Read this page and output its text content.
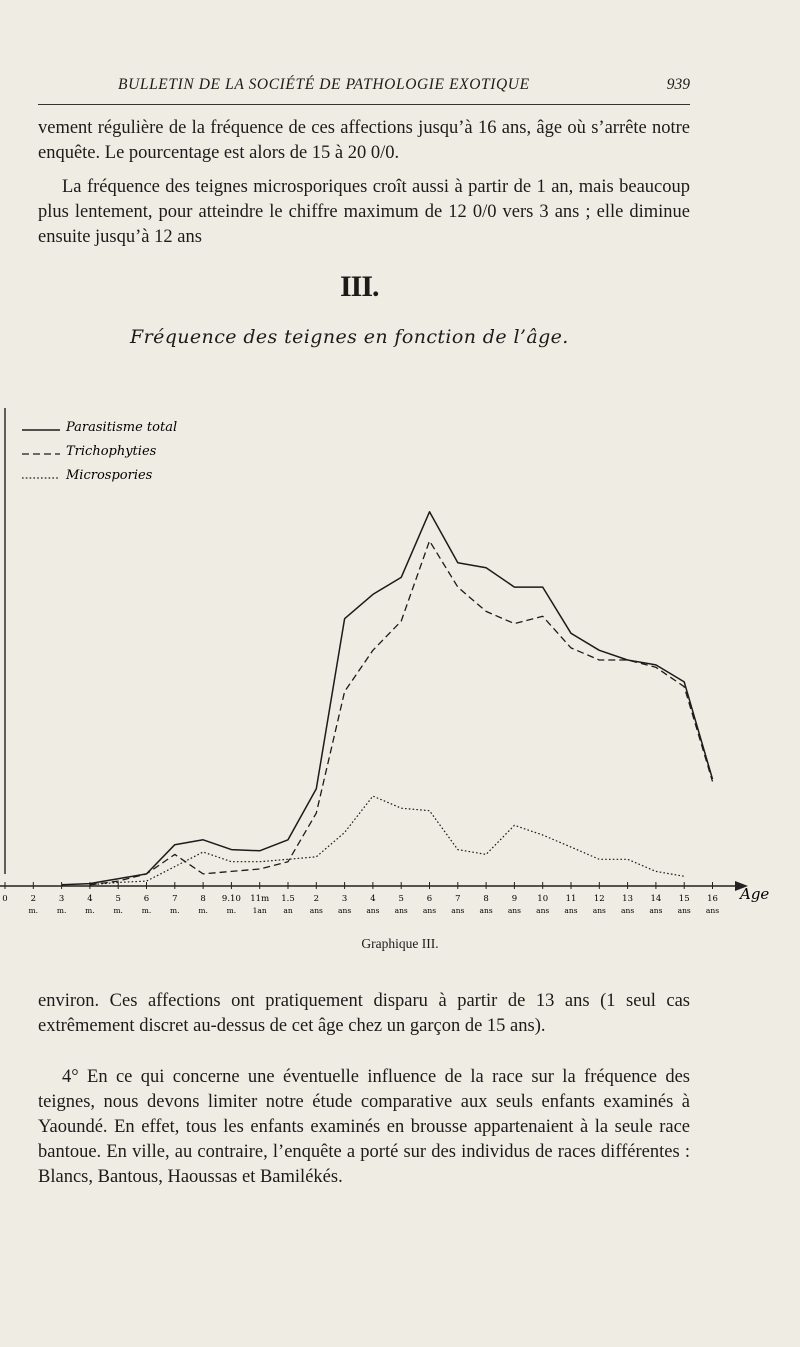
BULLETIN DE LA SOCIÉTÉ DE PATHOLOGIE EXOTIQUE	939

vement régulière de la fréquence de ces affections jusqu’à 16 ans, âge où s’arrête notre enquête. Le pourcentage est alors de 15 à 20 0/0.

La fréquence des teignes microsporiques croît aussi à partir de 1 an, mais beaucoup plus lentement, pour atteindre le chiffre maximum de 12 0/0 vers 3 ans ; elle diminue ensuite jusqu’à 12 ans

III.
Fréquence des teignes en fonction de l’âge.
Age
0	2
m.
3
m.
4
m.
5
m.
6
m.
7
m.
8
m.
9.10
m.
11m
1an
1.5
an
2
ans
3
ans
4
ans
5
ans
6
ans
7
ans
8
ans
9
ans
10
ans
11
ans
12
ans
13
ans
14
ans
15
ans
16
ans
Parasitisme total
Trichophyties
Microspories
Graphique III.

environ. Ces affections ont pratiquement disparu à partir de 13 ans (1 seul cas extrêmement discret au-dessus de cet âge chez un garçon de 15 ans).

4° En ce qui concerne une éventuelle influence de la race sur la fréquence des teignes, nous devons limiter notre étude comparative aux seuls enfants examinés à Yaoundé. En effet, tous les enfants examinés en brousse appartenaient à la seule race bantoue. En ville, au contraire, l’enquête a porté sur des individus de races différentes : Blancs, Bantous, Haoussas et Bamilékés.
